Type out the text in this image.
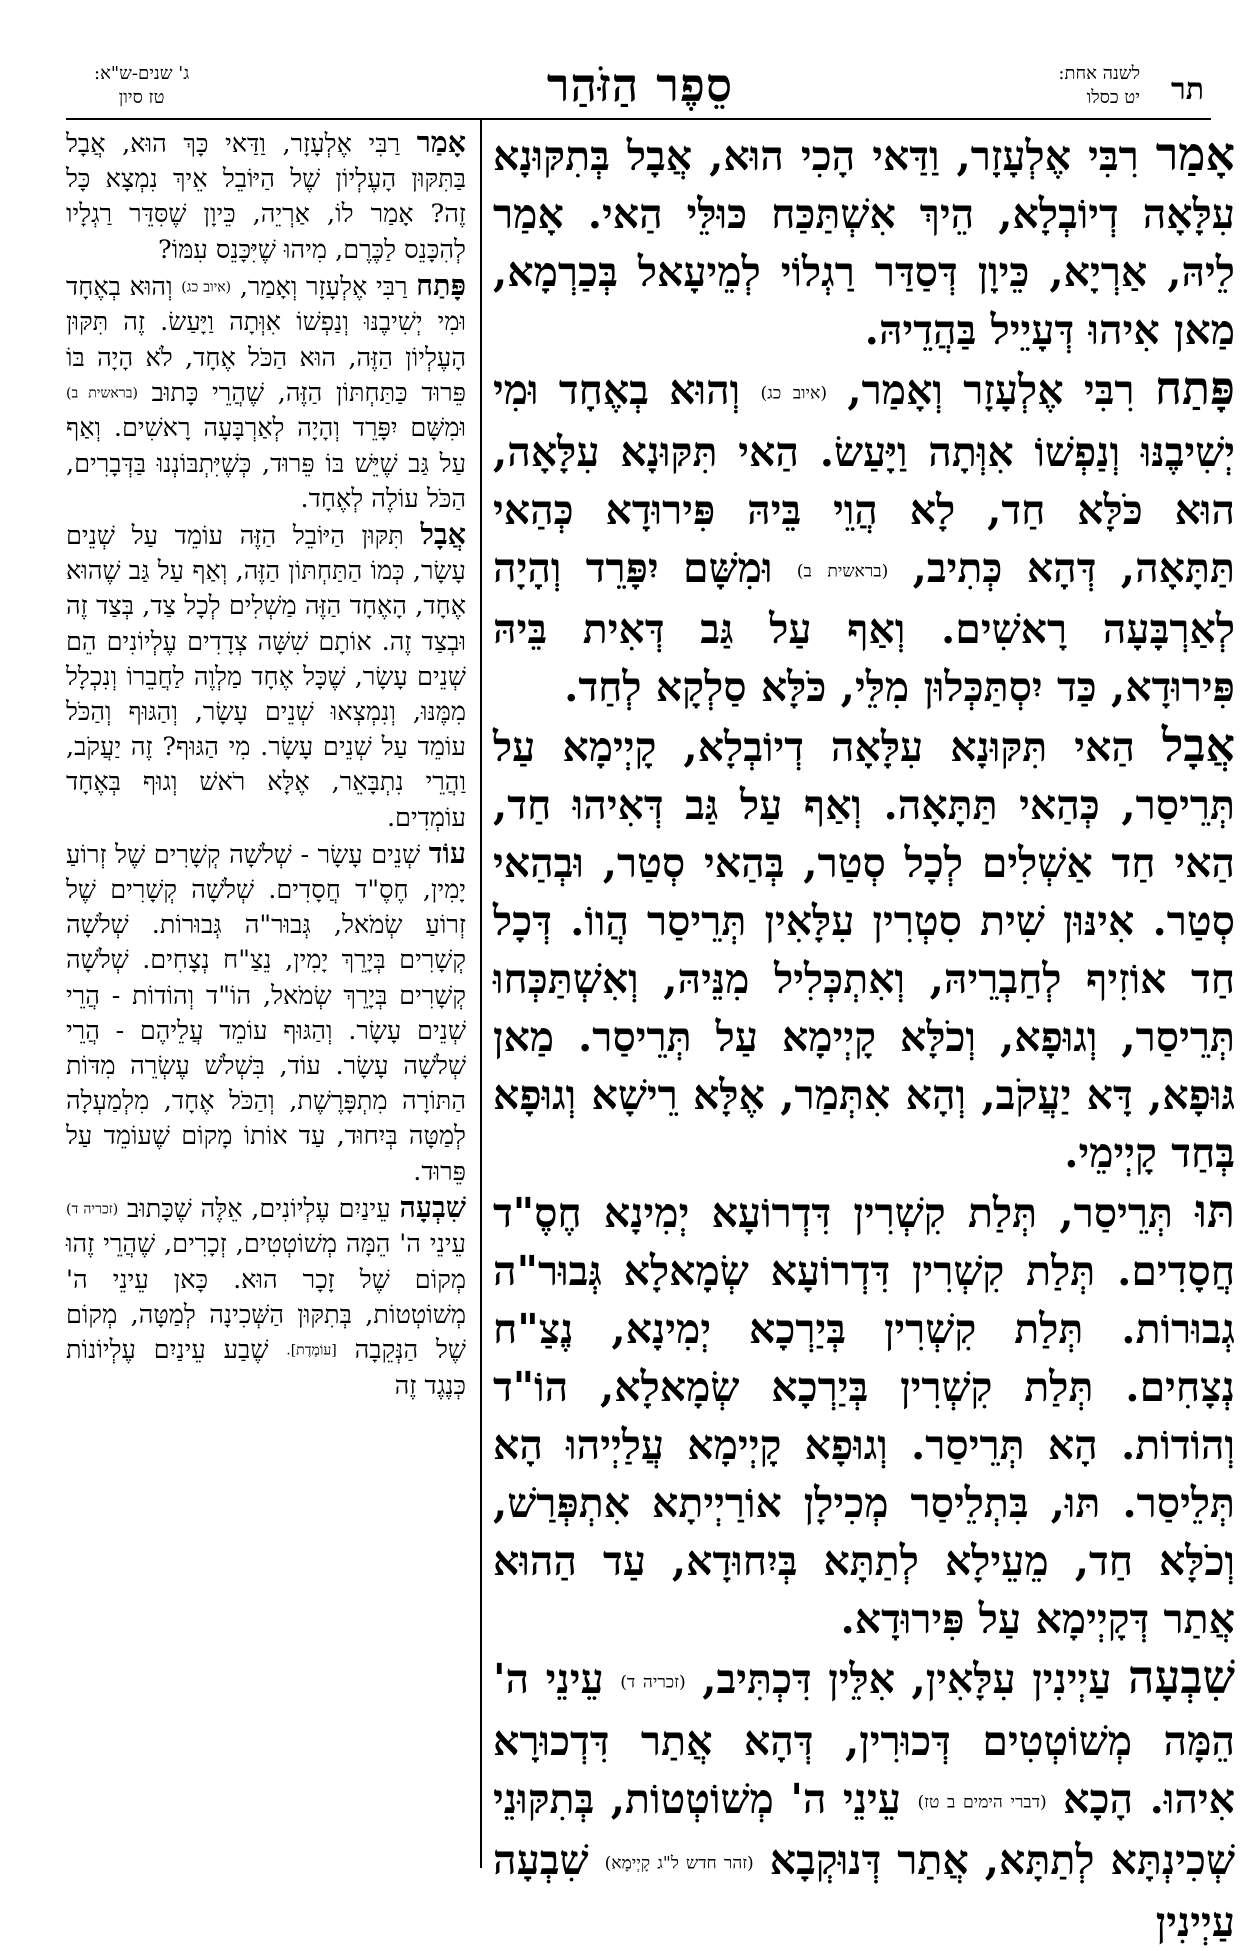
תר
לשנה אחת:
יט כסלו
סֵפֶר הַזֹּהַר
ג' שנים-ש"א:
טז סיון

אָמַר רִבִּי אֶלְעָזָר, וַדַּאי הָכִי הוּא, אֲבָל בְּתִקּוּנָא עִלָּאָה דְיוֹבְלָא, הֵיךְ אִשְׁתַּכַּח כּוּלֵּי הַאי. אָמַר לֵיהּ, אַרְיָא, כֵּיוָן דְּסַדַּר רַגְלוֹי לְמֵיעָאל בְּכַרְמָא, מַאן אִיהוּ דְּעָיֵיל בַּהֲדֵיהּ.

פָּתַח רִבִּי אֶלְעָזָר וְאָמַר, (איוב כג) וְהוּא בְאֶחָד וּמִי יְשִׁיבֶנּוּ וְנַפְשׁוֹ אִוְּתָה וַיָּעַשׂ. הַאי תִּקּוּנָא עִלָּאָה, הוּא כֹּלָּא חַד, לָא הֲוֵי בֵּיהּ פִּירוּדָא כְּהַאי תַּתָּאָה, דְּהָא כְּתִיב, (בראשית ב) וּמִשָּׁם יִפָּרֵד וְהָיָה לְאַרְבָּעָה רָאשִׁים. וְאַף עַל גַּב דְּאִית בֵּיהּ פִּירוּדָא, כַּד יִסְתַּכְּלוּן מִלֵּי, כֹּלָּא סַלְקָא לְחַד.

אֲבָל הַאי תִּקּוּנָא עִלָּאָה דְיוֹבְלָא, קָיְימָא עַל תְּרֵיסַר, כְּהַאי תַּתָּאָה. וְאַף עַל גַּב דְּאִיהוּ חַד, הַאי חַד אַשְׁלִים לְכָל סְטַר, בְּהַאי סְטַר, וּבְהַאי סְטַר. אִינּוּן שִׁית סִטְרִין עִלָּאִין תְּרֵיסַר הֲווֹ. דְּכָל חַד אוֹזִיף לְחַבְרֵיהּ, וְאִתְכְּלִיל מִנֵּיהּ, וְאִשְׁתַּכְּחוּ תְּרֵיסַר, וְגוּפָא, וְכֹלָּא קָיְימָא עַל תְּרֵיסַר. מַאן גּוּפָא, דָּא יַעֲקֹב, וְהָא אִתְּמַר, אֶלָּא רֵישָׁא וְגוּפָא בְּחַד קָיְימֵי.

תּוּ תְּרֵיסַר, תְּלַת קִשְׁרִין דִּדְרוֹעָא יְמִינָא חֶסֶ"ד חֲסָדִים. תְּלַת קִשְׁרִין דִּדְרוֹעָא שְׂמָאלָא גְּבוּר"ה גְבוּרוֹת. תְּלַת קִשְׁרִין בְּיַרְכָא יְמִינָא, נֶצַ"ח נְצָחִים. תְּלַת קִשְׁרִין בְּיַרְכָא שְׂמָאלָא, הוֹ"ד וְהוֹדוֹת. הָא תְּרֵיסַר. וְגוּפָא קָיְימָא עֲלַיְיהוּ הָא תְּלֵיסַר. תּוּ, בִּתְלֵיסַר מְכִילָן אוֹרַיְיתָא אִתְפְּרַשׁ, וְכֹלָּא חַד, מֵעֵילָא לְתַתָּא בְּיִחוּדָא, עַד הַהוּא אֲתַר דְּקָיְימָא עַל פִּירוּדָא.

שִׁבְעָה עַיְינִין עִלָּאִין, אִלֵּין דִּכְתִּיב, (זכריה ד) עֵינֵי ה' הֵמָּה מְשׁוֹטְטִים דְּכוּרִין, דְּהָא אֲתַר דִּדְכוּרָא אִיהוּ. הָכָא (דברי הימים ב טז) עֵינֵי ה' מְשׁוֹטְטוֹת, בְּתִקּוּנֵי שְׁכִינְתָּא לְתַתָּא, אֲתַר דְּנוּקְבָא (זהר חדש ל"ג קָיְימָא) שִׁבְעָה עַיְינִין

אָמַר רַבִּי אֶלְעָזָר, וַדַּאי כָּךְ הוּא, אֲבָל בַּתִּקּוּן הָעֶלְיוֹן שֶׁל הַיּוֹבֵל אֵיךְ נִמְצָא כָּל זֶה? אָמַר לוֹ, אַרְיֵה, כֵּיוָן שֶׁסִּדֵּר רַגְלָיו לְהִכָּנֵס לַכֶּרֶם, מִיהוּ שֶׁיִּכָּנֵס עִמּוֹ?

פָּתַח רַבִּי אֶלְעָזָר וְאָמַר, (איוב כג) וְהוּא בְאֶחָד וּמִי יְשִׁיבֶנּוּ וְנַפְשׁוֹ אִוְּתָה וַיָּעַשׂ. זֶה תִּקּוּן הָעֶלְיוֹן הַזֶּה, הוּא הַכֹּל אֶחָד, לֹא הָיָה בּוֹ פֵּרוּד כַּתַּחְתּוֹן הַזֶּה, שֶׁהֲרֵי כָּתוּב (בראשית ב) וּמִשָּׁם יִפָּרֵד וְהָיָה לְאַרְבָּעָה רָאשִׁים. וְאַף עַל גַּב שֶׁיֵּשׁ בּוֹ פֵּרוּד, כְּשֶׁיִּתְבּוֹנְנוּ בַּדְּבָרִים, הַכֹּל עוֹלֶה לְאֶחָד.

אֲבָל תִּקּוּן הַיּוֹבֵל הַזֶּה עוֹמֵד עַל שְׁנֵים עָשָׂר, כְּמוֹ הַתַּחְתּוֹן הַזֶּה, וְאַף עַל גַּב שֶׁהוּא אֶחָד, הָאֶחָד הַזֶּה מַשְׁלִים לְכָל צַד, בְּצַד זֶה וּבְצַד זֶה. אוֹתָם שִׁשָּׁה צְדָדִים עֶלְיוֹנִים הֵם שְׁנֵים עָשָׂר, שֶׁכָּל אֶחָד מַלְוֶה לַחֲבֵרוֹ וְנִכְלָל מִמֶּנּוּ, וְנִמְצְאוּ שְׁנֵים עָשָׂר, וְהַגּוּף וְהַכֹּל עוֹמֵד עַל שְׁנֵים עָשָׂר. מִי הַגּוּף? זֶה יַעֲקֹב, וַהֲרֵי נִתְבָּאֵר, אֶלָּא רֹאשׁ וְגוּף בְּאֶחָד עוֹמְדִים.

עוֹד שְׁנֵים עָשָׂר - שְׁלֹשָׁה קְשָׁרִים שֶׁל זְרוֹעַ יָמִין, חֶסֶ"ד חֲסָדִים. שְׁלֹשָׁה קְשָׁרִים שֶׁל זְרוֹעַ שְׂמֹאל, גְּבוּר"ה גְּבוּרוֹת. שְׁלֹשָׁה קְשָׁרִים בְּיָרֵךְ יָמִין, נֵצַ"ח נְצָחִים. שְׁלֹשָׁה קְשָׁרִים בְּיָרֵךְ שְׂמֹאל, הוֹ"ד וְהוֹדוֹת - הֲרֵי שְׁנֵים עָשָׂר. וְהַגּוּף עוֹמֵד עֲלֵיהֶם - הֲרֵי שְׁלֹשָׁה עָשָׂר. עוֹד, בִּשְׁלֹשׁ עֶשְׂרֵה מִדּוֹת הַתּוֹרָה מִתְפָּרֶשֶׁת, וְהַכֹּל אֶחָד, מִלְמַעְלָה לְמַטָּה בְּיִחוּד, עַד אוֹתוֹ מָקוֹם שֶׁעוֹמֵד עַל פֵּרוּד.

שִׁבְעָה עֵינַיִם עֶלְיוֹנִים, אֵלֶּה שֶׁכָּתוּב (זכריה ד) עֵינֵי ה' הֵמָּה מְשׁוֹטְטִים, זְכָרִים, שֶׁהֲרֵי זֶהוּ מְקוֹם שֶׁל זָכָר הוּא. כָּאן עֵינֵי ה' מְשׁוֹטְטוֹת, בְּתִקּוּן הַשְּׁכִינָה לְמַטָּה, מְקוֹם שֶׁל הַנְּקֵבָה [עוֹמֶדֶת]. שֶׁבַע עֵינַיִם עֶלְיוֹנוֹת כְּנֶגֶד זֶה
